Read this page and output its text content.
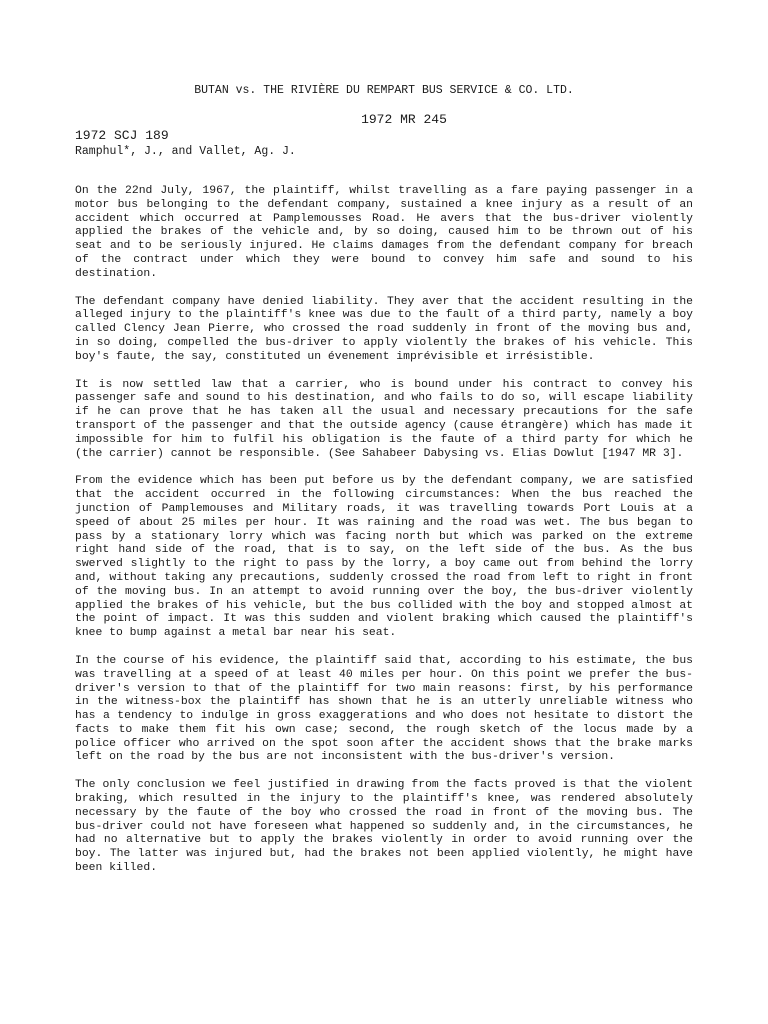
BUTAN vs. THE RIVIÈRE DU REMPART BUS SERVICE & CO. LTD.
1972 MR 245
1972 SCJ 189
Ramphul*, J., and Vallet, Ag. J.

On the 22nd July, 1967, the plaintiff, whilst travelling as a fare paying passenger in a motor bus belonging to the defendant company, sustained a knee injury as a result of an accident which occurred at Pamplemousses Road. He avers that the bus-driver violently applied the brakes of the vehicle and, by so doing, caused him to be thrown out of his seat and to be seriously injured. He claims damages from the defendant company for breach of the contract under which they were bound to convey him safe and sound to his destination.

The defendant company have denied liability. They aver that the accident resulting in the alleged injury to the plaintiff's knee was due to the fault of a third party, namely a boy called Clency Jean Pierre, who crossed the road suddenly in front of the moving bus and, in so doing, compelled the bus-driver to apply violently the brakes of his vehicle. This boy's faute, the say, constituted un évenement imprévisible et irrésistible.

It is now settled law that a carrier, who is bound under his contract to convey his passenger safe and sound to his destination, and who fails to do so, will escape liability if he can prove that he has taken all the usual and necessary precautions for the safe transport of the passenger and that the outside agency (cause étrangère) which has made it impossible for him to fulfil his obligation is the faute of a third party for which he (the carrier) cannot be responsible. (See Sahabeer Dabysing vs. Elias Dowlut [1947 MR 3].

From the evidence which has been put before us by the defendant company, we are satisfied that the accident occurred in the following circumstances: When the bus reached the junction of Pamplemouses and Military roads, it was travelling towards Port Louis at a speed of about 25 miles per hour. It was raining and the road was wet. The bus began to pass by a stationary lorry which was facing north but which was parked on the extreme right hand side of the road, that is to say, on the left side of the bus. As the bus swerved slightly to the right to pass by the lorry, a boy came out from behind the lorry and, without taking any precautions, suddenly crossed the road from left to right in front of the moving bus. In an attempt to avoid running over the boy, the bus-driver violently applied the brakes of his vehicle, but the bus collided with the boy and stopped almost at the point of impact. It was this sudden and violent braking which caused the plaintiff's knee to bump against a metal bar near his seat.

In the course of his evidence, the plaintiff said that, according to his estimate, the bus was travelling at a speed of at least 40 miles per hour. On this point we prefer the bus-driver's version to that of the plaintiff for two main reasons: first, by his performance in the witness-box the plaintiff has shown that he is an utterly unreliable witness who has a tendency to indulge in gross exaggerations and who does not hesitate to distort the facts to make them fit his own case; second, the rough sketch of the locus made by a police officer who arrived on the spot soon after the accident shows that the brake marks left on the road by the bus are not inconsistent with the bus-driver's version.

The only conclusion we feel justified in drawing from the facts proved is that the violent braking, which resulted in the injury to the plaintiff's knee, was rendered absolutely necessary by the faute of the boy who crossed the road in front of the moving bus. The bus-driver could not have foreseen what happened so suddenly and, in the circumstances, he had no alternative but to apply the brakes violently in order to avoid running over the boy. The latter was injured but, had the brakes not been applied violently, he might have been killed.
